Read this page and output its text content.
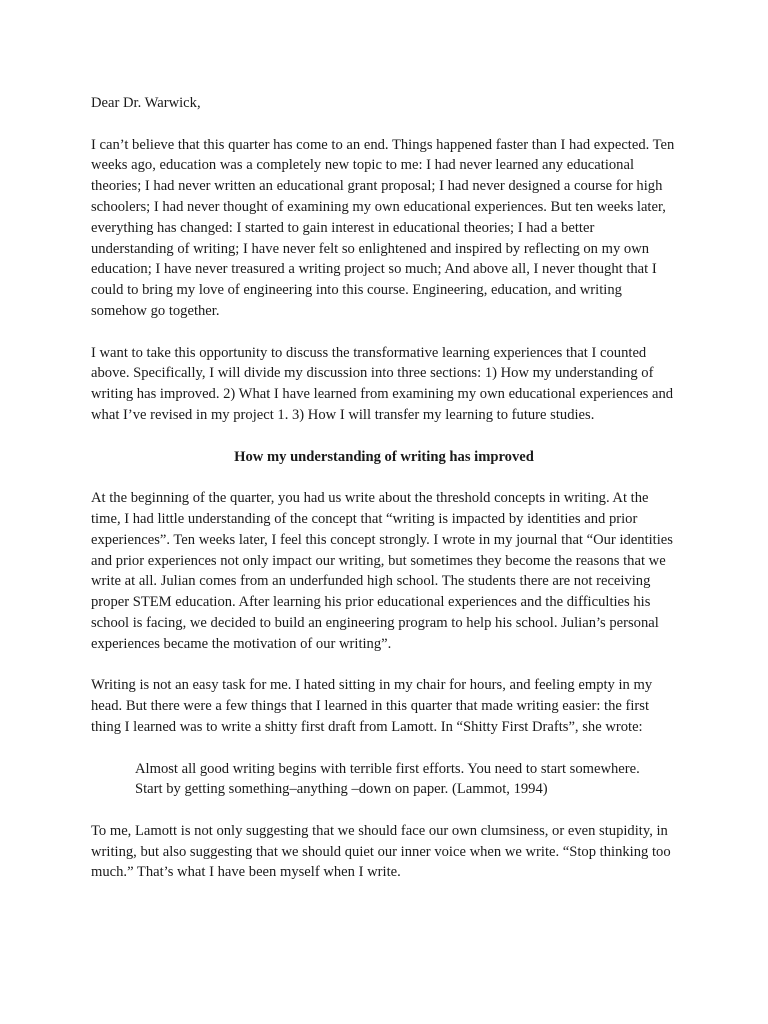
Dear Dr. Warwick,

I can’t believe that this quarter has come to an end. Things happened faster than I had expected. Ten weeks ago, education was a completely new topic to me: I had never learned any educational theories; I had never written an educational grant proposal; I had never designed a course for high schoolers; I had never thought of examining my own educational experiences. But ten weeks later, everything has changed: I started to gain interest in educational theories; I had a better understanding of writing; I have never felt so enlightened and inspired by reflecting on my own education; I have never treasured a writing project so much; And above all, I never thought that I could to bring my love of engineering into this course. Engineering, education, and writing somehow go together.

I want to take this opportunity to discuss the transformative learning experiences that I counted above. Specifically, I will divide my discussion into three sections: 1) How my understanding of writing has improved. 2) What I have learned from examining my own educational experiences and what I’ve revised in my project 1. 3) How I will transfer my learning to future studies.

How my understanding of writing has improved

At the beginning of the quarter, you had us write about the threshold concepts in writing. At the time, I had little understanding of the concept that “writing is impacted by identities and prior experiences”. Ten weeks later, I feel this concept strongly. I wrote in my journal that “Our identities and prior experiences not only impact our writing, but sometimes they become the reasons that we write at all. Julian comes from an underfunded high school. The students there are not receiving proper STEM education. After learning his prior educational experiences and the difficulties his school is facing, we decided to build an engineering program to help his school. Julian’s personal experiences became the motivation of our writing”.

Writing is not an easy task for me. I hated sitting in my chair for hours, and feeling empty in my head. But there were a few things that I learned in this quarter that made writing easier: the first thing I learned was to write a shitty first draft from Lamott. In “Shitty First Drafts”, she wrote:

Almost all good writing begins with terrible first efforts. You need to start somewhere.
Start by getting something–anything –down on paper. (Lammot, 1994)

To me, Lamott is not only suggesting that we should face our own clumsiness, or even stupidity, in writing, but also suggesting that we should quiet our inner voice when we write. “Stop thinking too much.” That’s what I have been myself when I write.
